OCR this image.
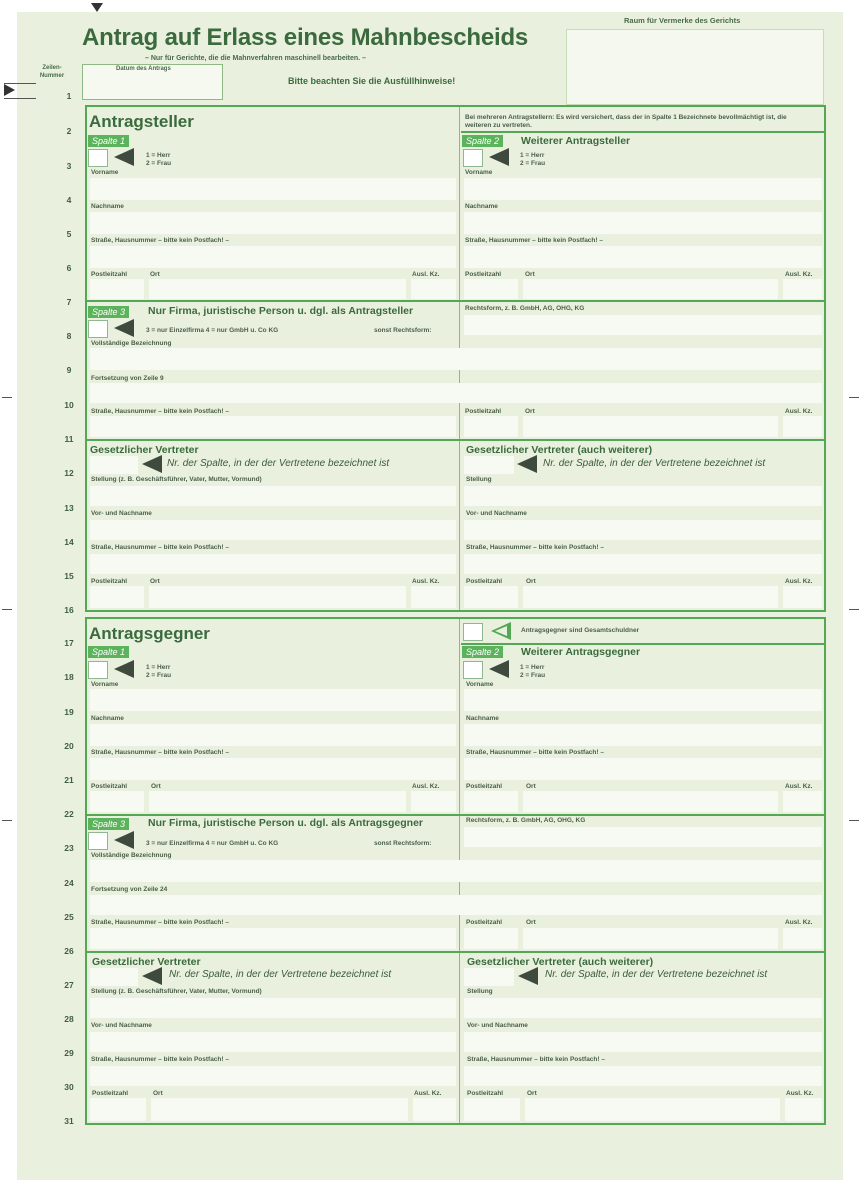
Antrag auf Erlass eines Mahnbescheids
– Nur für Gerichte, die die Mahnverfahren maschinell bearbeiten. –
Raum für Vermerke des Gerichts
Datum des Antrags
Bitte beachten Sie die Ausfüllhinweise!
Zeilen-
Nummer
1
2
3
4
5
6
7
8
9
10
11
12
13
14
15
16
17
18
19
20
21
22
23
24
25
26
27
28
29
30
31
Antragsteller	Bei mehreren Antragstellern: Es wird versichert, dass der in Spalte 1 Bezeichnete bevollmächtigt ist, die weiteren zu vertreten.
Spalte 1
1 = Herr
2 = Frau
Vorname
Nachname
Straße, Hausnummer – bitte kein Postfach! –
Postleitzahl	Ort	Ausl. Kz.
Spalte 2	Weiterer Antragsteller
1 = Herr
2 = Frau
Vorname
Nachname
Straße, Hausnummer – bitte kein Postfach! –
Postleitzahl	Ort	Ausl. Kz.
Spalte 3	Nur Firma, juristische Person u. dgl. als Antragsteller
3 = nur Einzelfirma 4 = nur GmbH u. Co KG	sonst Rechtsform:
Rechtsform, z. B. GmbH, AG, OHG, KG
Vollständige Bezeichnung
Fortsetzung von Zeile 9
Straße, Hausnummer – bitte kein Postfach! –	Postleitzahl	Ort	Ausl. Kz.
Gesetzlicher Vertreter
Nr. der Spalte, in der der Vertretene bezeichnet ist
Stellung (z. B. Geschäftsführer, Vater, Mutter, Vormund)
Vor- und Nachname
Straße, Hausnummer – bitte kein Postfach! –
Postleitzahl	Ort	Ausl. Kz.
Gesetzlicher Vertreter (auch weiterer)
Nr. der Spalte, in der der Vertretene bezeichnet ist
Stellung
Vor- und Nachname
Straße, Hausnummer – bitte kein Postfach! –
Postleitzahl	Ort	Ausl. Kz.
Antragsgegner	Antragsgegner sind Gesamtschuldner
Spalte 1
1 = Herr
2 = Frau
Vorname
Nachname
Straße, Hausnummer – bitte kein Postfach! –
Postleitzahl	Ort	Ausl. Kz.
Spalte 2	Weiterer Antragsgegner
1 = Herr
2 = Frau
Vorname
Nachname
Straße, Hausnummer – bitte kein Postfach! –
Postleitzahl	Ort	Ausl. Kz.
Spalte 3	Nur Firma, juristische Person u. dgl. als Antragsgegner
3 = nur Einzelfirma 4 = nur GmbH u. Co KG	sonst Rechtsform:
Rechtsform, z. B. GmbH, AG, OHG, KG
Vollständige Bezeichnung
Fortsetzung von Zeile 24
Straße, Hausnummer – bitte kein Postfach! –	Postleitzahl	Ort	Ausl. Kz.
Gesetzlicher Vertreter
Nr. der Spalte, in der der Vertretene bezeichnet ist
Stellung (z. B. Geschäftsführer, Vater, Mutter, Vormund)
Vor- und Nachname
Straße, Hausnummer – bitte kein Postfach! –
Postleitzahl	Ort	Ausl. Kz.
Gesetzlicher Vertreter (auch weiterer)
Nr. der Spalte, in der der Vertretene bezeichnet ist
Stellung
Vor- und Nachname
Straße, Hausnummer – bitte kein Postfach! –
Postleitzahl	Ort	Ausl. Kz.
